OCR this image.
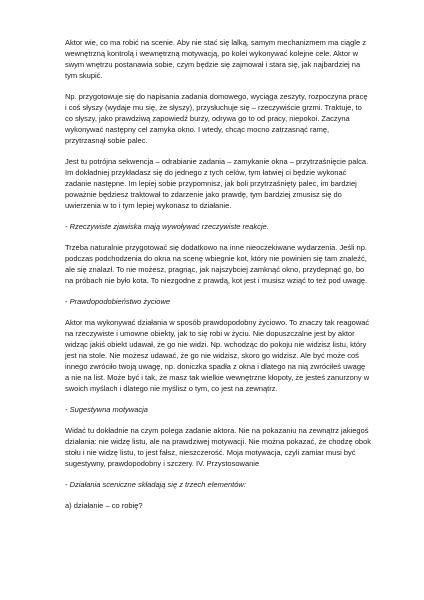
Aktor wie, co ma robić na scenie. Aby nie stać się lalką, samym mechanizmem ma ciągle z wewnętrzną kontrolą i wewnętrzną motywacją, po kolei wykonywać kolejne cele. Aktor w swym wnętrzu postanawia sobie, czym będzie się zajmował i stara się, jak najbardziej na tym skupić.

Np. przygotowuje się do napisania zadania domowego, wyciąga zeszyty, rozpoczyna pracę i coś słyszy (wydaje mu się, że słyszy), przysłuchuje się – rzeczywiście grzmi. Traktuje, to co słyszy, jako prawdziwą zapowiedź burzy, odrywa go to od pracy, niepokoi. Zaczyna wykonywać następny cel zamyka okno. I wtedy, chcąc mocno zatrzasnąć ramę, przytrzasnął sobie palec.

Jest tu potrójna sekwencja – odrabianie zadania – zamykanie okna – przytrzaśnięcie palca. Im dokładniej przykładasz się do jednego z tych celów, tym łatwiej ci będzie wykonać zadanie następne. Im lepiej sobie przypomnisz, jak boli przytrzaśnięty palec, im bardziej poważnie będziesz traktował to zdarzenie jako prawdę, tym bardziej zmusisz się do uwierzenia w to i tym lepiej wykonasz to działanie.

- Rzeczywiste zjawiska mają wywoływać rzeczywiste reakcje.

Trzeba naturalnie przygotować się dodatkowo na inne nieoczekiwane wydarzenia. Jeśli np. podczas podchodzenia do okna na scenę wbiegnie kot, który nie powinien się tam znaleźć, ale się znalazł. To nie możesz, pragnąc, jak najszybciej zamknąć okno, przydepnąć go, bo na próbach nie było kota. To niezgodne z prawdą, kot jest i musisz wziąć to też pod uwagę.

- Prawdopodobieństwo życiowe

Aktor ma wykonywać działania w sposób prawdopodobny życiowo. To znaczy tak reagować na rzeczywiste i umowne obiekty, jak to się robi w życiu. Nie dopuszczalne jest by aktor widząc jakiś obiekt udawał, że go nie widzi. Np. wchodząc do pokoju nie widzisz listu, który jest na stole. Nie możesz udawać, że go nie widzisz, skoro go widzisz. Ale być może coś innego zwróciło twoją uwagę, np. doniczka spadła z okna i dlatego na nią zwróciłeś uwagę a nie na list. Może być i tak, że masz tak wielkie wewnętrzne kłopoty, że jesteś zanurzony w swoich myślach i dlatego nie myślisz o tym, co jest na zewnątrz.

- Sugestywna motywacja

Widać tu dokładnie na czym polega zadanie aktora. Nie na pokazaniu na zewnątrz jakiegoś działania: nie widzę listu, ale na prawdziwej motywacji. Nie można pokazać, że chodzę obok stołu i nie widzę listu, to jest fałsz, nieszczerość. Moja motywacja, czyli zamiar musi być sugestywny, prawdopodobny i szczery. IV. Przystosowanie

- Działania sceniczne składają się z trzech elementów:

a) działanie – co robię?
